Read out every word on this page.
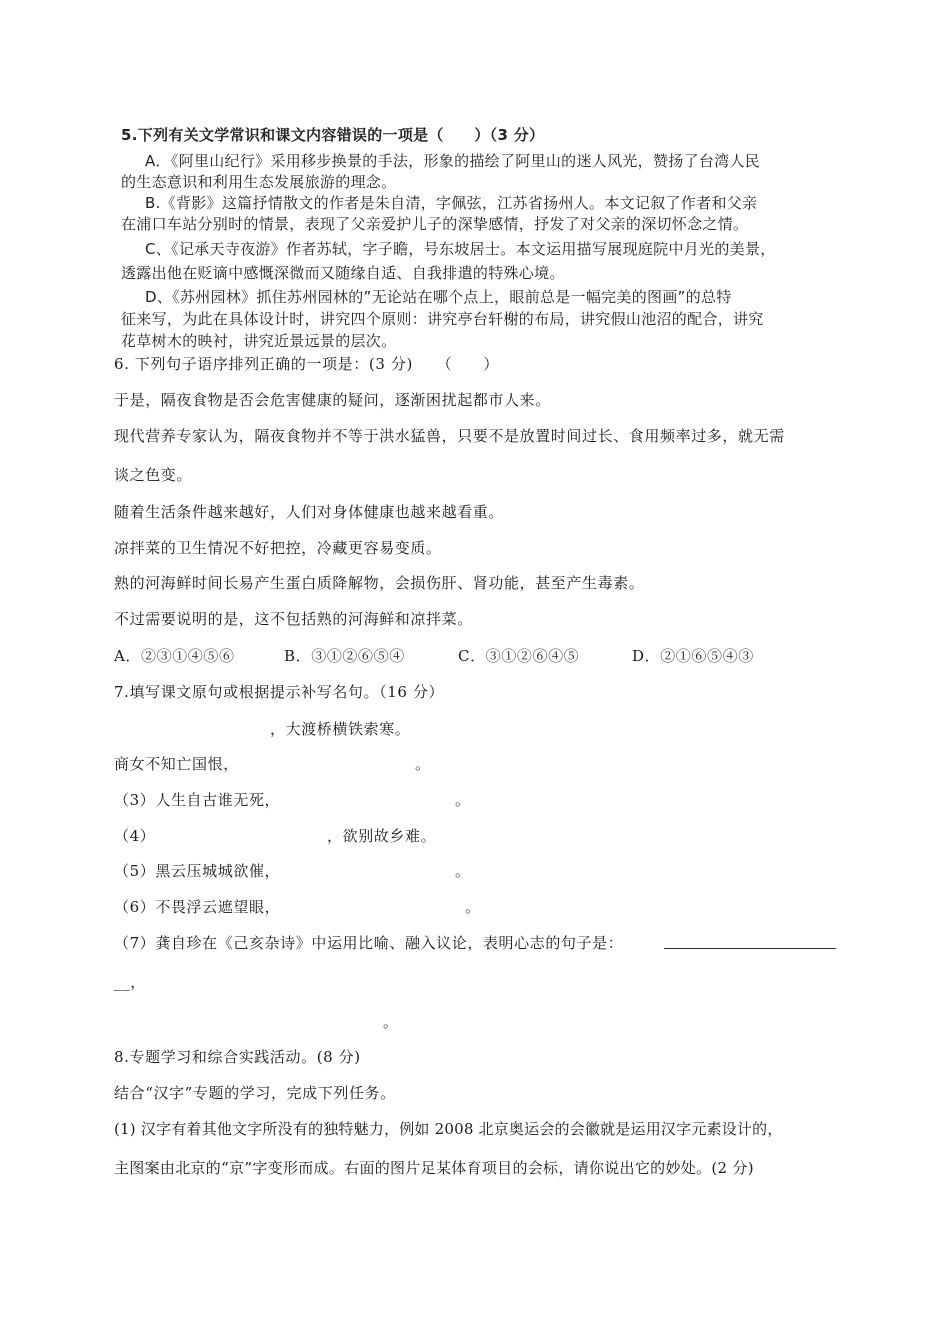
5.下列有关文学常识和课文内容错误的一项是（　　）（3 分）
A．《阿里山纪行》采用移步换景的手法，形象的描绘了阿里山的迷人风光，赞扬了台湾人民
的生态意识和利用生态发展旅游的理念。
B.《背影》这篇抒情散文的作者是朱自清，字佩弦，江苏省扬州人。本文记叙了作者和父亲
在浦口车站分别时的情景，表现了父亲爱护儿子的深挚感情，抒发了对父亲的深切怀念之情。
C、《记承天寺夜游》作者苏轼，字子瞻，号东坡居士。本文运用描写展现庭院中月光的美景，
透露出他在贬谪中感慨深微而又随缘自适、自我排遣的特殊心境。
D、《苏州园林》抓住苏州园林的”无论站在哪个点上，眼前总是一幅完美的图画”的总特
征来写，为此在具体设计时，讲究四个原则：讲究亭台轩榭的布局，讲究假山池沼的配合，讲究
花草树木的映衬，讲究近景远景的层次。
6. 下列句子语序排列正确的一项是：(3 分)　　（　　）
于是，隔夜食物是否会危害健康的疑问，逐渐困扰起都市人来。
现代营养专家认为，隔夜食物并不等于洪水猛兽，只要不是放置时间过长、食用频率过多，就无需
谈之色变。
随着生活条件越来越好，人们对身体健康也越来越看重。
凉拌菜的卫生情况不好把控，冷藏更容易变质。
熟的河海鲜时间长易产生蛋白质降解物，会损伤肝、肾功能，甚至产生毒素。
不过需要说明的是，这不包括熟的河海鲜和凉拌菜。
A．②③①④⑤⑥	B．③①②⑥⑤④	C．③①②⑥④⑤	D．②①⑥⑤④③
7.填写课文原句或根据提示补写名句。（16 分）
，大渡桥横铁索寒。
商女不知亡国恨，	。
（3）人生自古谁无死，	。
（4）	，欲别故乡难。
（5）黑云压城城欲催，	。
（6）不畏浮云遮望眼，	。
（7）龚自珍在《己亥杂诗》中运用比喻、融入议论，表明心志的句子是：
__，
。
8.专题学习和综合实践活动。(8 分)
结合“汉字”专题的学习，完成下列任务。
(1) 汉字有着其他文字所没有的独特魅力，例如 2008 北京奥运会的会徽就是运用汉字元素设计的，
主图案由北京的“京”字变形而成。右面的图片足某体育项目的会标，请你说出它的妙处。(2 分)
